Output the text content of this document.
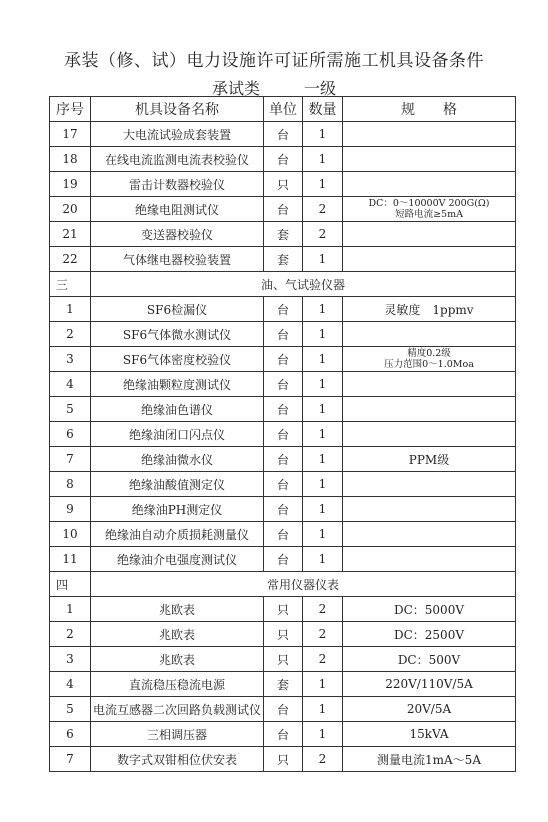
承装（修、试）电力设施许可证所需施工机具设备条件
承试类	一级
序号	机具设备名称	单位	数量	规　　格
17	大电流试验成套装置	台	1	
18	在线电流监测电流表校验仪	台	1	
19	雷击计数器校验仪	只	1	
20	绝缘电阻测试仪	台	2	DC：0～10000V 200G(Ω)
短路电流≥5mA

21	变送器校验仪	套	2	
22	气体继电器校验装置	套	1	
三	油、气试验仪器			
1	SF6检漏仪	台	1	灵敏度　1ppmv

2	SF6气体微水测试仪	台	1	
3	SF6气体密度校验仪	台	1	精度0.2级
压力范围0～1.0Moa

4	绝缘油颗粒度测试仪	台	1	
5	绝缘油色谱仪	台	1	
6	绝缘油闭口闪点仪	台	1	
7	绝缘油微水仪	台	1	PPM级

8	绝缘油酸值测定仪	台	1	
9	绝缘油PH测定仪	台	1	
10	绝缘油自动介质损耗测量仪	台	1	
11	绝缘油介电强度测试仪	台	1	
四	常用仪器仪表			
1	兆欧表	只	2	DC：5000V

2	兆欧表	只	2	DC：2500V

3	兆欧表	只	2	DC：500V

4	直流稳压稳流电源	套	1	220V/110V/5A

5	电流互感器二次回路负载测试仪	台	1	20V/5A

6	三相调压器	台	1	15kVA

7	数字式双钳相位伏安表	只	2	测量电流1mA～5A
